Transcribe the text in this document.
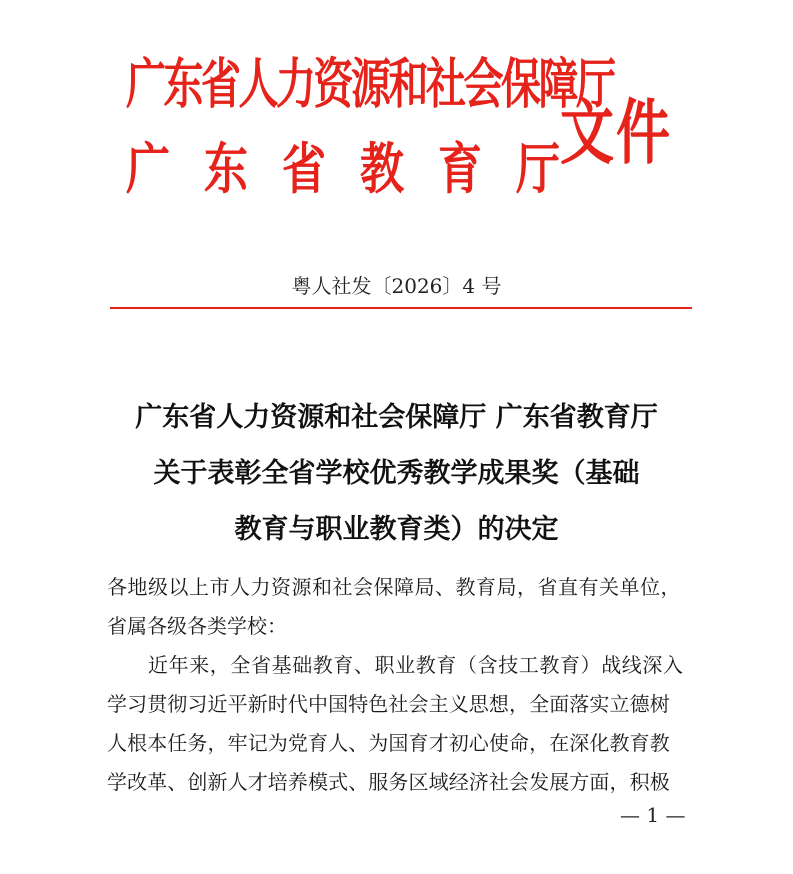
广东省人力资源和社会保障厅
广东省教育厅
文件
粤人社发〔2026〕4 号
广东省人力资源和社会保障厅 广东省教育厅
关于表彰全省学校优秀教学成果奖（基础
教育与职业教育类）的决定
各地级以上市人力资源和社会保障局、教育局，省直有关单位，
省属各级各类学校：
近年来，全省基础教育、职业教育（含技工教育）战线深入
学习贯彻习近平新时代中国特色社会主义思想，全面落实立德树
人根本任务，牢记为党育人、为国育才初心使命，在深化教育教
学改革、创新人才培养模式、服务区域经济社会发展方面，积极
— 1 —
